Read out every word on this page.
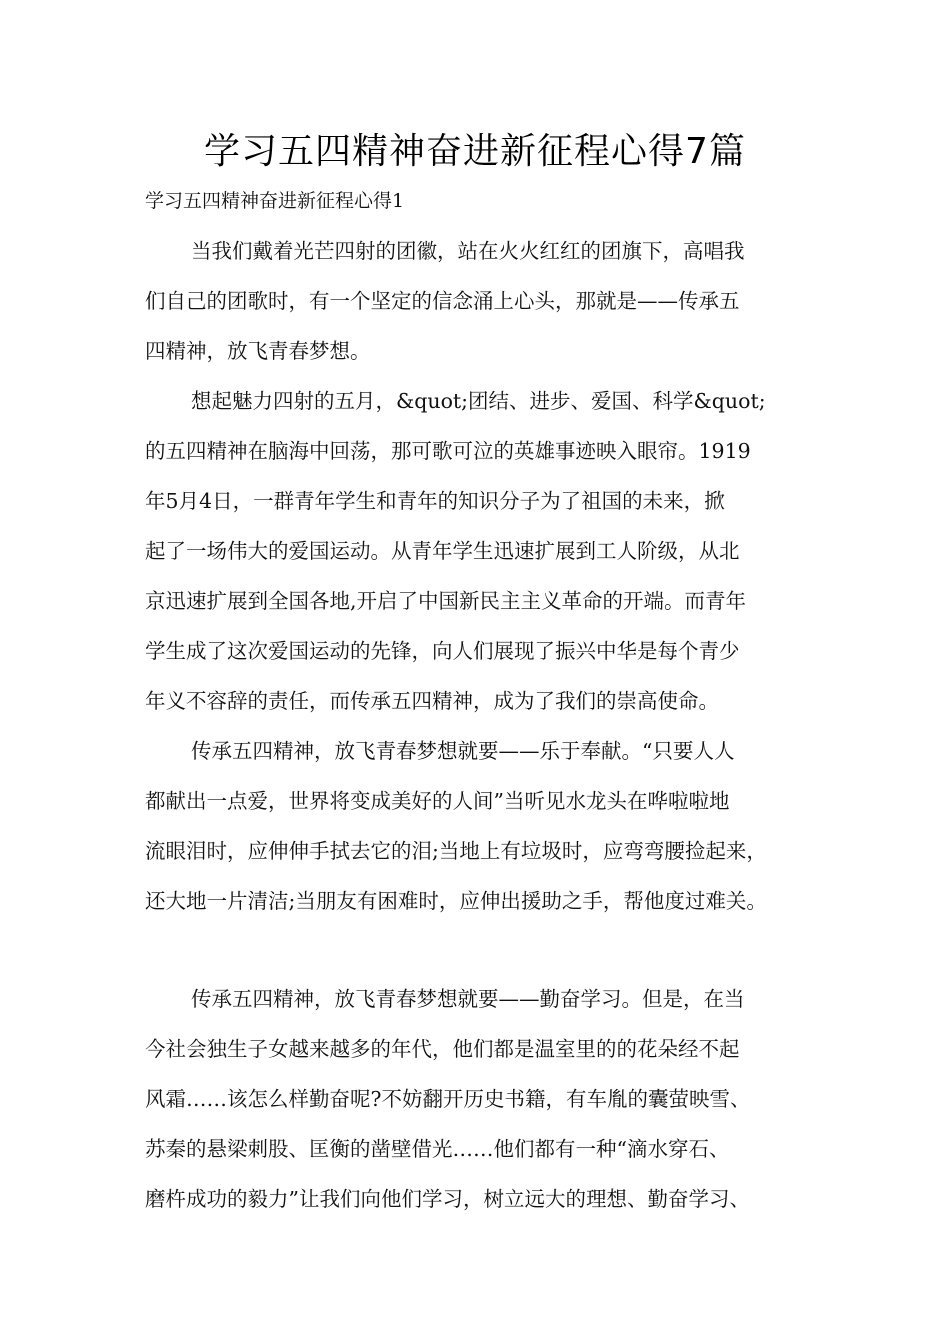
学习五四精神奋进新征程心得7篇

学习五四精神奋进新征程心得1

当我们戴着光芒四射的团徽，站在火火红红的团旗下，高唱我

们自己的团歌时，有一个坚定的信念涌上心头，那就是——传承五

四精神，放飞青春梦想。

想起魅力四射的五月，&quot;团结、进步、爱国、科学&quot;

的五四精神在脑海中回荡，那可歌可泣的英雄事迹映入眼帘。1919

年5月4日，一群青年学生和青年的知识分子为了祖国的未来，掀

起了一场伟大的爱国运动。从青年学生迅速扩展到工人阶级，从北

京迅速扩展到全国各地,开启了中国新民主主义革命的开端。而青年

学生成了这次爱国运动的先锋，向人们展现了振兴中华是每个青少

年义不容辞的责任，而传承五四精神，成为了我们的崇高使命。

传承五四精神，放飞青春梦想就要——乐于奉献。“只要人人

都献出一点爱，世界将变成美好的人间”当听见水龙头在哗啦啦地

流眼泪时，应伸伸手拭去它的泪;当地上有垃圾时，应弯弯腰捡起来，

还大地一片清洁;当朋友有困难时，应伸出援助之手，帮他度过难关。

传承五四精神，放飞青春梦想就要——勤奋学习。但是，在当

今社会独生子女越来越多的年代，他们都是温室里的的花朵经不起

风霜……该怎么样勤奋呢?不妨翻开历史书籍，有车胤的囊萤映雪、

苏秦的悬梁刺股、匡衡的凿壁借光……他们都有一种“滴水穿石、

磨杵成功的毅力”让我们向他们学习，树立远大的理想、勤奋学习、
